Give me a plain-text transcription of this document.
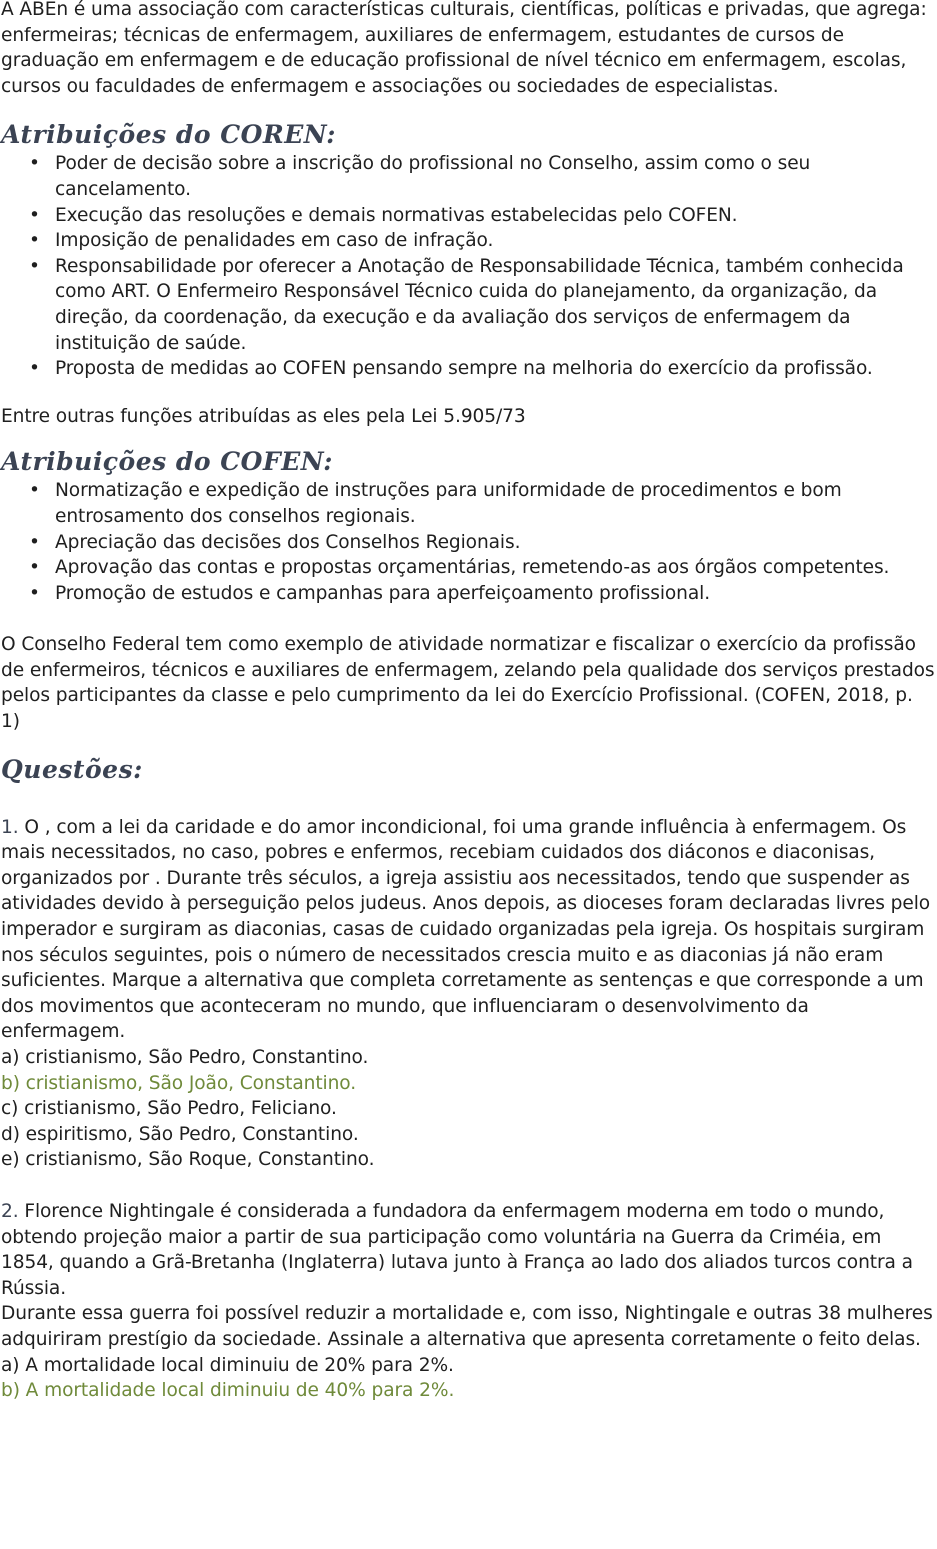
A ABEn é uma associação com características culturais, científicas, políticas e privadas, que agrega: enfermeiras; técnicas de enfermagem, auxiliares de enfermagem, estudantes de cursos de graduação em enfermagem e de educação profissional de nível técnico em enfermagem, escolas, cursos ou faculdades de enfermagem e associações ou sociedades de especialistas.

Atribuições do COREN:
• Poder de decisão sobre a inscrição do profissional no Conselho, assim como o seu cancelamento.
• Execução das resoluções e demais normativas estabelecidas pelo COFEN.
• Imposição de penalidades em caso de infração.
• Responsabilidade por oferecer a Anotação de Responsabilidade Técnica, também conhecida como ART. O Enfermeiro Responsável Técnico cuida do planejamento, da organização, da direção, da coordenação, da execução e da avaliação dos serviços de enfermagem da instituição de saúde.
• Proposta de medidas ao COFEN pensando sempre na melhoria do exercício da profissão.

Entre outras funções atribuídas as eles pela Lei 5.905/73

Atribuições do COFEN:
• Normatização e expedição de instruções para uniformidade de procedimentos e bom entrosamento dos conselhos regionais.
• Apreciação das decisões dos Conselhos Regionais.
• Aprovação das contas e propostas orçamentárias, remetendo-as aos órgãos competentes.
• Promoção de estudos e campanhas para aperfeiçoamento profissional.

O Conselho Federal tem como exemplo de atividade normatizar e fiscalizar o exercício da profissão de enfermeiros, técnicos e auxiliares de enfermagem, zelando pela qualidade dos serviços prestados pelos participantes da classe e pelo cumprimento da lei do Exercício Profissional. (COFEN, 2018, p. 1)

Questões:

1. O , com a lei da caridade e do amor incondicional, foi uma grande influência à enfermagem. Os mais necessitados, no caso, pobres e enfermos, recebiam cuidados dos diáconos e diaconisas, organizados por . Durante três séculos, a igreja assistiu aos necessitados, tendo que suspender as atividades devido à perseguição pelos judeus. Anos depois, as dioceses foram declaradas livres pelo imperador e surgiram as diaconias, casas de cuidado organizadas pela igreja. Os hospitais surgiram nos séculos seguintes, pois o número de necessitados crescia muito e as diaconias já não eram suficientes. Marque a alternativa que completa corretamente as sentenças e que corresponde a um dos movimentos que aconteceram no mundo, que influenciaram o desenvolvimento da enfermagem.

a) cristianismo, São Pedro, Constantino.
b) cristianismo, São João, Constantino.
c) cristianismo, São Pedro, Feliciano.
d) espiritismo, São Pedro, Constantino.
e) cristianismo, São Roque, Constantino.

2. Florence Nightingale é considerada a fundadora da enfermagem moderna em todo o mundo, obtendo projeção maior a partir de sua participação como voluntária na Guerra da Criméia, em 1854, quando a Grã-Bretanha (Inglaterra) lutava junto à França ao lado dos aliados turcos contra a Rússia.

Durante essa guerra foi possível reduzir a mortalidade e, com isso, Nightingale e outras 38 mulheres adquiriram prestígio da sociedade. Assinale a alternativa que apresenta corretamente o feito delas.

a) A mortalidade local diminuiu de 20% para 2%.
b) A mortalidade local diminuiu de 40% para 2%.
